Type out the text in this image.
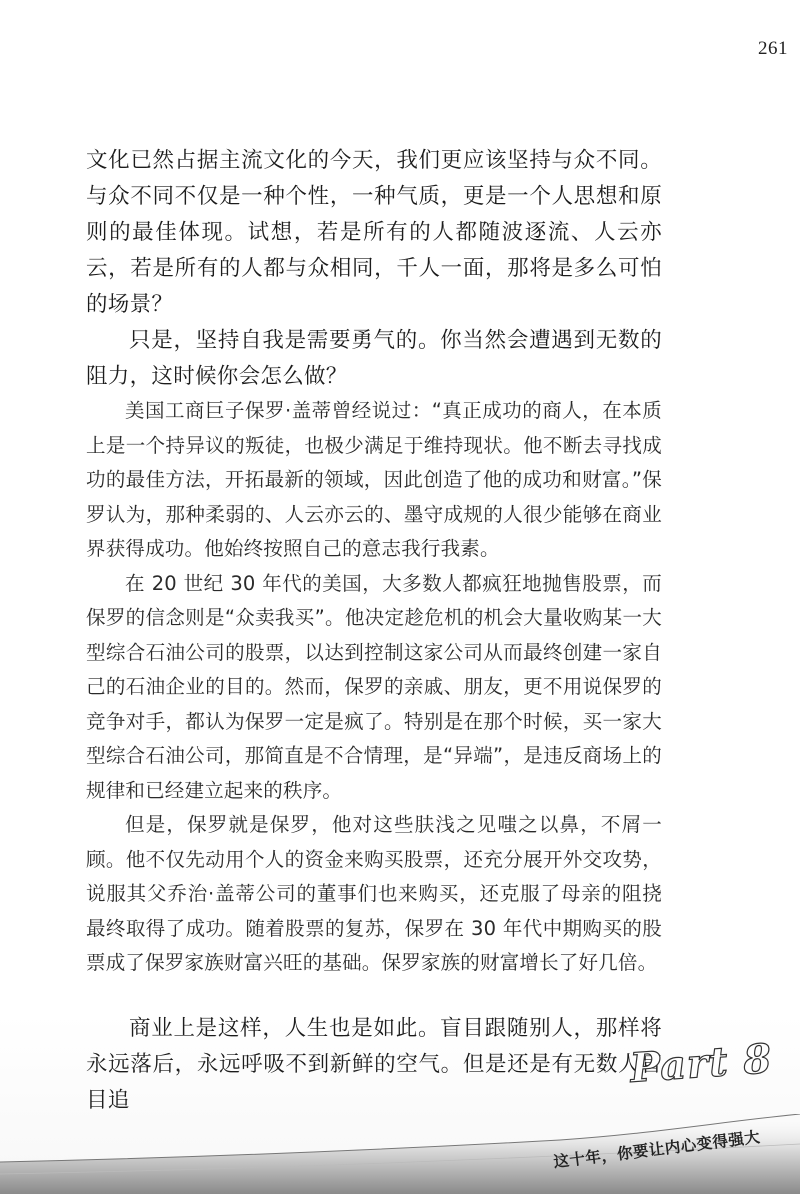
261

文化已然占据主流文化的今天，我们更应该坚持与众不同。与众不同不仅是一种个性，一种气质，更是一个人思想和原则的最佳体现。试想，若是所有的人都随波逐流、人云亦云，若是所有的人都与众相同，千人一面，那将是多么可怕的场景？

只是，坚持自我是需要勇气的。你当然会遭遇到无数的阻力，这时候你会怎么做？

美国工商巨子保罗·盖蒂曾经说过：“真正成功的商人，在本质上是一个持异议的叛徒，也极少满足于维持现状。他不断去寻找成功的最佳方法，开拓最新的领域，因此创造了他的成功和财富。”保罗认为，那种柔弱的、人云亦云的、墨守成规的人很少能够在商业界获得成功。他始终按照自己的意志我行我素。

在 20 世纪 30 年代的美国，大多数人都疯狂地抛售股票，而保罗的信念则是“众卖我买”。他决定趁危机的机会大量收购某一大型综合石油公司的股票，以达到控制这家公司从而最终创建一家自己的石油企业的目的。然而，保罗的亲戚、朋友，更不用说保罗的竞争对手，都认为保罗一定是疯了。特别是在那个时候，买一家大型综合石油公司，那简直是不合情理，是“异端”，是违反商场上的规律和已经建立起来的秩序。

但是，保罗就是保罗，他对这些肤浅之见嗤之以鼻，不屑一顾。他不仅先动用个人的资金来购买股票，还充分展开外交攻势，说服其父乔治·盖蒂公司的董事们也来购买，还克服了母亲的阻挠最终取得了成功。随着股票的复苏，保罗在 30 年代中期购买的股票成了保罗家族财富兴旺的基础。保罗家族的财富增长了好几倍。

商业上是这样，人生也是如此。盲目跟随别人，那样将永远落后，永远呼吸不到新鲜的空气。但是还是有无数人盲目追

Part 8
这十年，你要让内心变得强大
